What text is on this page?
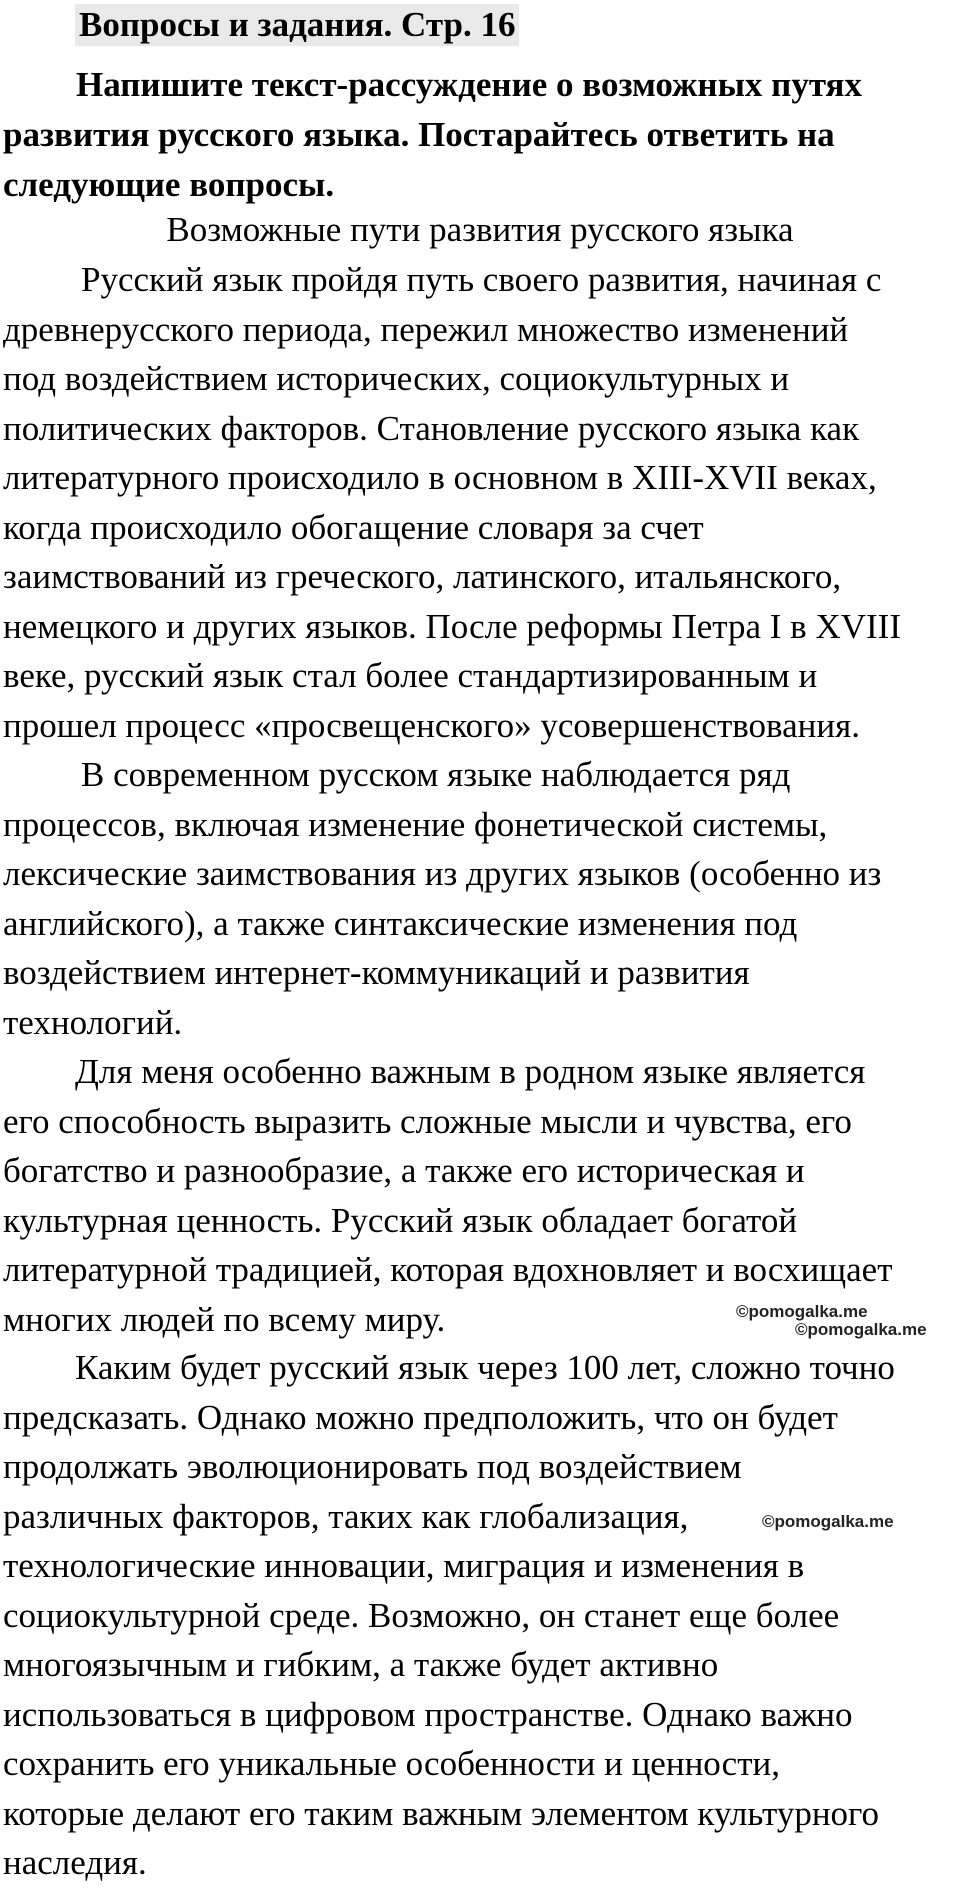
Вопросы и задания. Стр. 16
Напишите текст-рассуждение о возможных путях
развития русского языка. Постарайтесь ответить на
следующие вопросы.
Возможные пути развития русского языка
Русский язык пройдя путь своего развития, начиная с
древнерусского периода, пережил множество изменений
под воздействием исторических, социокультурных и
политических факторов. Становление русского языка как
литературного происходило в основном в XIII-XVII веках,
когда происходило обогащение словаря за счет
заимствований из греческого, латинского, итальянского,
немецкого и других языков. После реформы Петра I в XVIII
веке, русский язык стал более стандартизированным и
прошел процесс «просвещенского» усовершенствования.
В современном русском языке наблюдается ряд
процессов, включая изменение фонетической системы,
лексические заимствования из других языков (особенно из
английского), а также синтаксические изменения под
воздействием интернет-коммуникаций и развития
технологий.
Для меня особенно важным в родном языке является
его способность выразить сложные мысли и чувства, его
богатство и разнообразие, а также его историческая и
культурная ценность. Русский язык обладает богатой
литературной традицией, которая вдохновляет и восхищает
многих людей по всему миру.
Каким будет русский язык через 100 лет, сложно точно
предсказать. Однако можно предположить, что он будет
продолжать эволюционировать под воздействием
различных факторов, таких как глобализация,
технологические инновации, миграция и изменения в
социокультурной среде. Возможно, он станет еще более
многоязычным и гибким, а также будет активно
использоваться в цифровом пространстве. Однако важно
сохранить его уникальные особенности и ценности,
которые делают его таким важным элементом культурного
наследия.
©pomogalka.me
©pomogalka.me
©pomogalka.me
